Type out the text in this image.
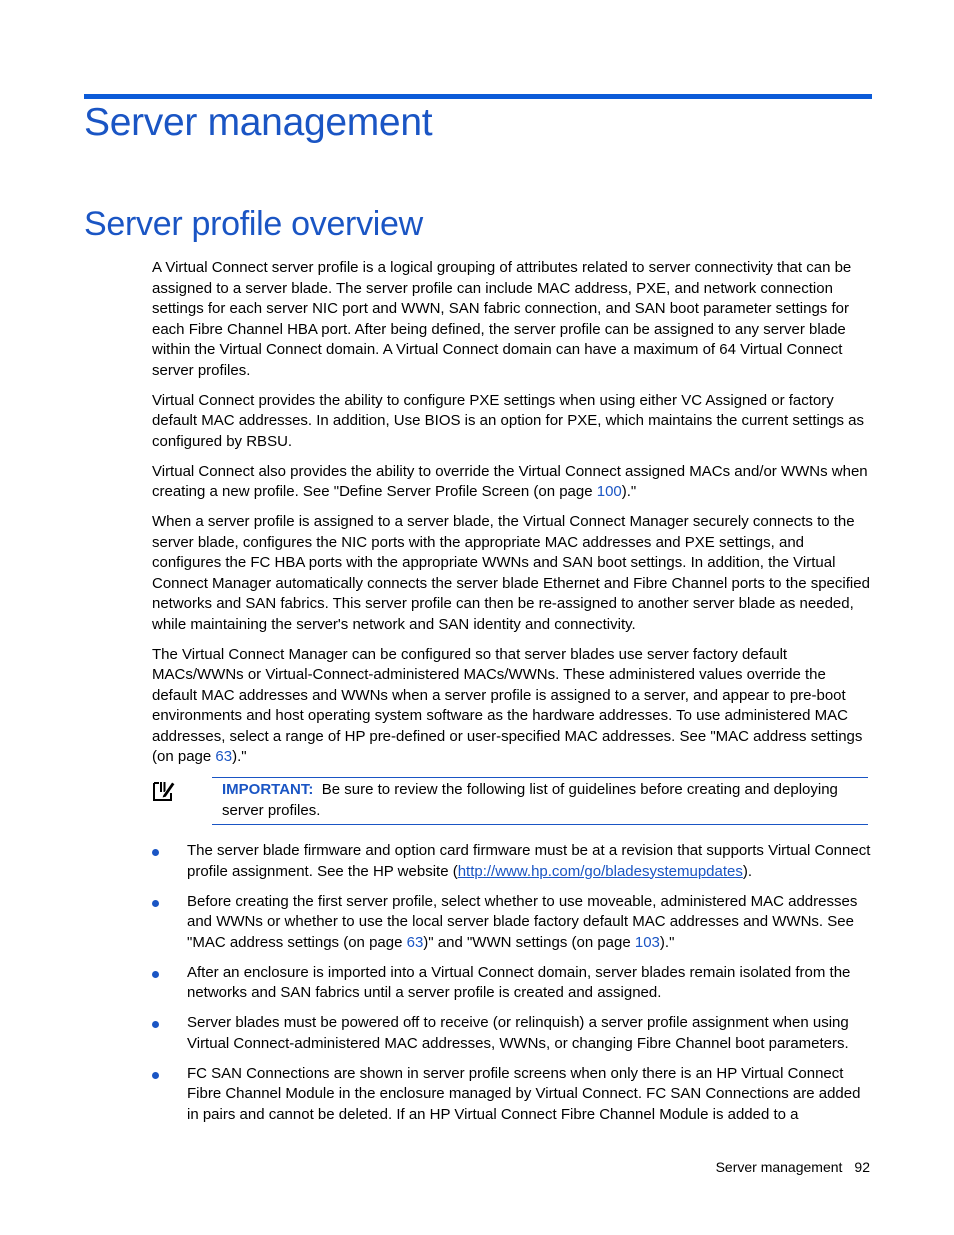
Server management
Server profile overview

A Virtual Connect server profile is a logical grouping of attributes related to server connectivity that can be assigned to a server blade. The server profile can include MAC address, PXE, and network connection settings for each server NIC port and WWN, SAN fabric connection, and SAN boot parameter settings for each Fibre Channel HBA port. After being defined, the server profile can be assigned to any server blade within the Virtual Connect domain. A Virtual Connect domain can have a maximum of 64 Virtual Connect server profiles.

Virtual Connect provides the ability to configure PXE settings when using either VC Assigned or factory default MAC addresses. In addition, Use BIOS is an option for PXE, which maintains the current settings as configured by RBSU.

Virtual Connect also provides the ability to override the Virtual Connect assigned MACs and/or WWNs when creating a new profile. See "Define Server Profile Screen (on page 100)."

When a server profile is assigned to a server blade, the Virtual Connect Manager securely connects to the server blade, configures the NIC ports with the appropriate MAC addresses and PXE settings, and configures the FC HBA ports with the appropriate WWNs and SAN boot settings. In addition, the Virtual Connect Manager automatically connects the server blade Ethernet and Fibre Channel ports to the specified networks and SAN fabrics. This server profile can then be re-assigned to another server blade as needed, while maintaining the server's network and SAN identity and connectivity.

The Virtual Connect Manager can be configured so that server blades use server factory default MACs/WWNs or Virtual-Connect-administered MACs/WWNs. These administered values override the default MAC addresses and WWNs when a server profile is assigned to a server, and appear to pre-boot environments and host operating system software as the hardware addresses. To use administered MAC addresses, select a range of HP pre-defined or user-specified MAC addresses. See "MAC address settings (on page 63)."

IMPORTANT: Be sure to review the following list of guidelines before creating and deploying server profiles.
The server blade firmware and option card firmware must be at a revision that supports Virtual Connect profile assignment. See the HP website (http://www.hp.com/go/bladesystemupdates).
Before creating the first server profile, select whether to use moveable, administered MAC addresses and WWNs or whether to use the local server blade factory default MAC addresses and WWNs. See "MAC address settings (on page 63)" and "WWN settings (on page 103)."
After an enclosure is imported into a Virtual Connect domain, server blades remain isolated from the networks and SAN fabrics until a server profile is created and assigned.
Server blades must be powered off to receive (or relinquish) a server profile assignment when using Virtual Connect-administered MAC addresses, WWNs, or changing Fibre Channel boot parameters.
FC SAN Connections are shown in server profile screens when only there is an HP Virtual Connect Fibre Channel Module in the enclosure managed by Virtual Connect. FC SAN Connections are added in pairs and cannot be deleted. If an HP Virtual Connect Fibre Channel Module is added to a
Server management 92
